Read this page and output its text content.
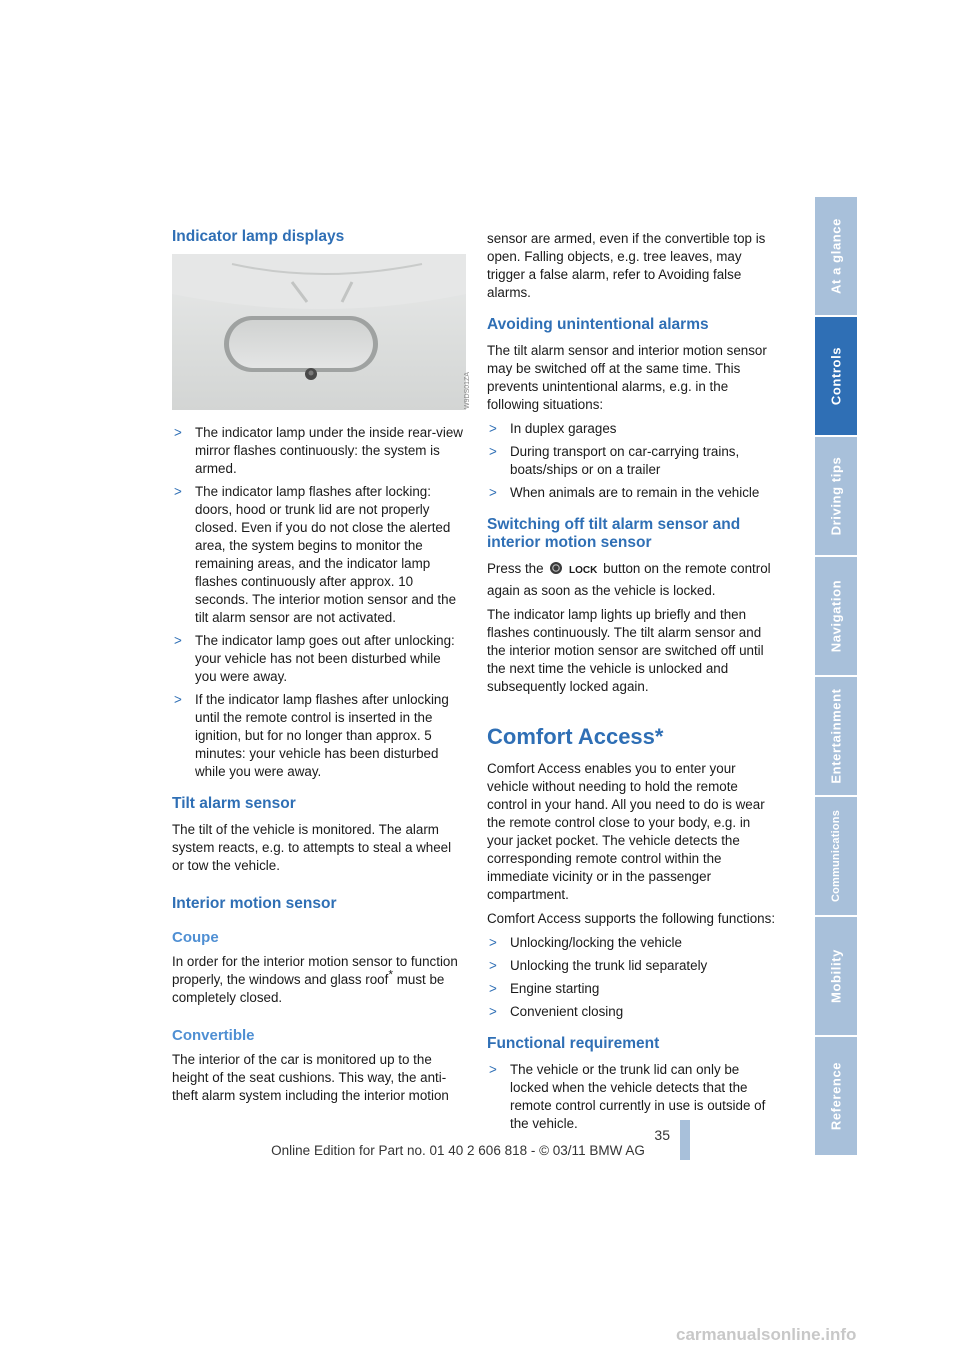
Indicator lamp displays
W9DS01ZA
> The indicator lamp under the inside rear-view mirror flashes continuously: the system is armed.
> The indicator lamp flashes after locking: doors, hood or trunk lid are not properly closed. Even if you do not close the alerted area, the system begins to monitor the remaining areas, and the indicator lamp flashes continuously after approx. 10 seconds. The interior motion sensor and the tilt alarm sensor are not activated.
> The indicator lamp goes out after unlocking: your vehicle has not been disturbed while you were away.
> If the indicator lamp flashes after unlocking until the remote control is inserted in the ignition, but for no longer than approx. 5 minutes: your vehicle has been disturbed while you were away.
Tilt alarm sensor

The tilt of the vehicle is monitored. The alarm system reacts, e.g. to attempts to steal a wheel or tow the vehicle.

Interior motion sensor
Coupe

In order for the interior motion sensor to function properly, the windows and glass roof* must be completely closed.

Convertible

The interior of the car is monitored up to the height of the seat cushions. This way, the anti-theft alarm system including the interior motion

sensor are armed, even if the convertible top is open. Falling objects, e.g. tree leaves, may trigger a false alarm, refer to Avoiding false alarms.

Avoiding unintentional alarms

The tilt alarm sensor and interior motion sensor may be switched off at the same time. This prevents unintentional alarms, e.g. in the following situations:

> In duplex garages
> During transport on car-carrying trains, boats/ships or on a trailer
> When animals are to remain in the vehicle
Switching off tilt alarm sensor and interior motion sensor

Press the	LOCK button on the remote control again as soon as the vehicle is locked.

The indicator lamp lights up briefly and then flashes continuously. The tilt alarm sensor and the interior motion sensor are switched off until the next time the vehicle is unlocked and subsequently locked again.

Comfort Access*

Comfort Access enables you to enter your vehicle without needing to hold the remote control in your hand. All you need to do is wear the remote control close to your body, e.g. in your jacket pocket. The vehicle detects the corresponding remote control within the immediate vicinity or in the passenger compartment.

Comfort Access supports the following functions:

> Unlocking/locking the vehicle
> Unlocking the trunk lid separately
> Engine starting
> Convenient closing
Functional requirement
> The vehicle or the trunk lid can only be locked when the vehicle detects that the remote control currently in use is outside of the vehicle.
At a glance
Controls
Driving tips
Navigation
Entertainment
Communications
Mobility
Reference
35
Online Edition for Part no. 01 40 2 606 818 - © 03/11 BMW AG
carmanualsonline.info
